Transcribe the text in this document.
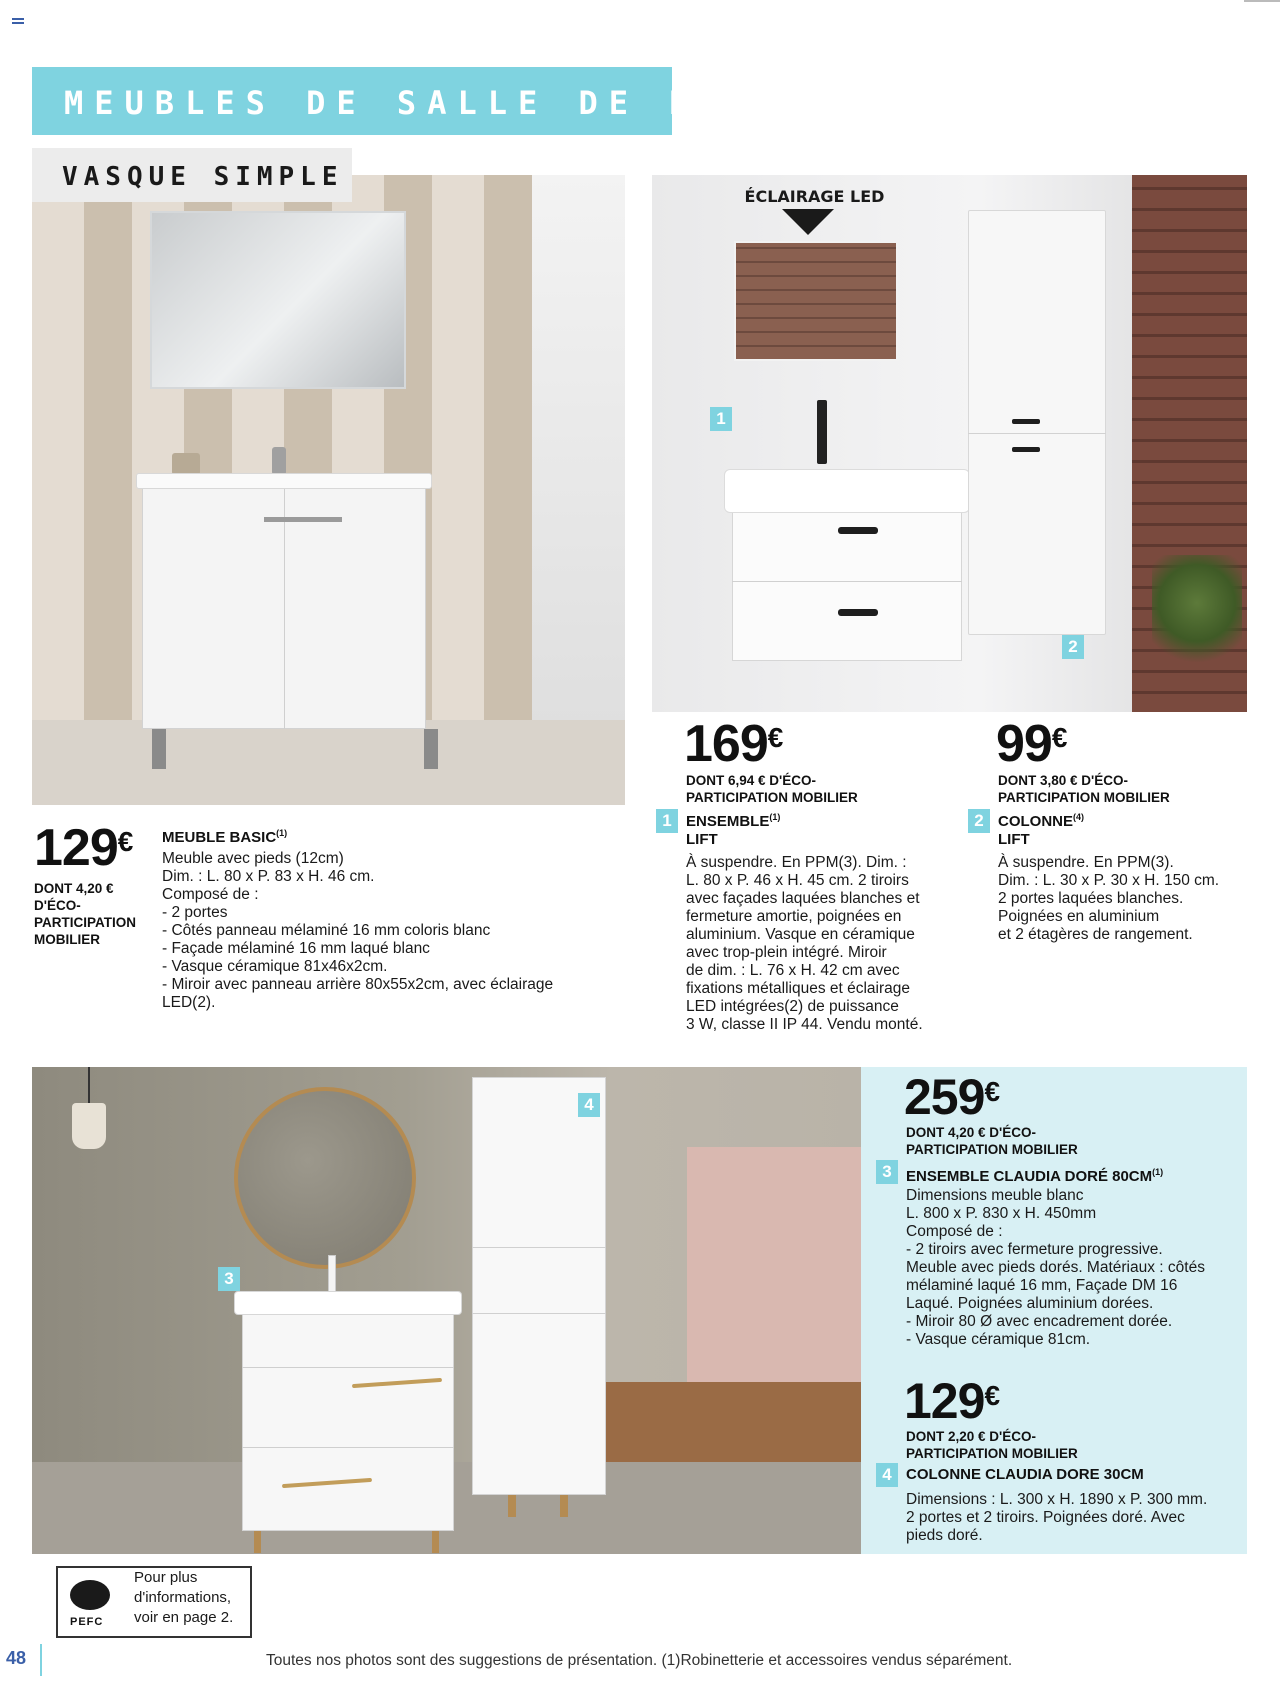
MEUBLES DE SALLE DE BAIN
VASQUE SIMPLE
ÉCLAIRAGE LED
1
2
129€
DONT 4,20 €
D'ÉCO-
PARTICIPATION
MOBILIER
MEUBLE BASIC$^{(1)}$
Meuble avec pieds (12cm)
Dim. : L. 80 x P. 83 x H. 46 cm.
Composé de :
- 2 portes
- Côtés panneau mélaminé 16 mm coloris blanc
- Façade mélaminé 16 mm laqué blanc
- Vasque céramique 81x46x2cm.
- Miroir avec panneau arrière 80x55x2cm, avec éclairage
LED(2).
169€
DONT 6,94 € D'ÉCO-
PARTICIPATION MOBILIER
1 ENSEMBLE$^{(1)}$
LIFT
À suspendre. En PPM(3). Dim. :
L. 80 x P. 46 x H. 45 cm. 2 tiroirs
avec façades laquées blanches et
fermeture amortie, poignées en
aluminium. Vasque en céramique
avec trop-plein intégré. Miroir
de dim. : L. 76 x H. 42 cm avec
fixations métalliques et éclairage
LED intégrées(2) de puissance
3 W, classe II IP 44. Vendu monté.
99€
DONT 3,80 € D'ÉCO-
PARTICIPATION MOBILIER
2 COLONNE$^{(4)}$
LIFT
À suspendre. En PPM(3).
Dim. : L. 30 x P. 30 x H. 150 cm.
2 portes laquées blanches.
Poignées en aluminium
et 2 étagères de rangement.
3
4	259€
DONT 4,20 € D'ÉCO-
PARTICIPATION MOBILIER
3 ENSEMBLE CLAUDIA DORÉ 80CM$^{(1)}$
Dimensions meuble blanc
L. 800 x P. 830 x H. 450mm
Composé de :
- 2 tiroirs avec fermeture progressive.
Meuble avec pieds dorés. Matériaux : côtés
mélaminé laqué 16 mm, Façade DM 16
Laqué. Poignées aluminium dorées.
- Miroir 80 Ø avec encadrement dorée.
- Vasque céramique 81cm.
129€
DONT 2,20 € D'ÉCO-
PARTICIPATION MOBILIER
4 COLONNE CLAUDIA DORE 30CM
Dimensions : L. 300 x H. 1890 x P. 300 mm.
2 portes et 2 tiroirs. Poignées doré. Avec
pieds doré.
PEFC
Pour plus
d'informations,
voir en page 2.
48	Toutes nos photos sont des suggestions de présentation. (1)Robinetterie et accessoires vendus séparément.
